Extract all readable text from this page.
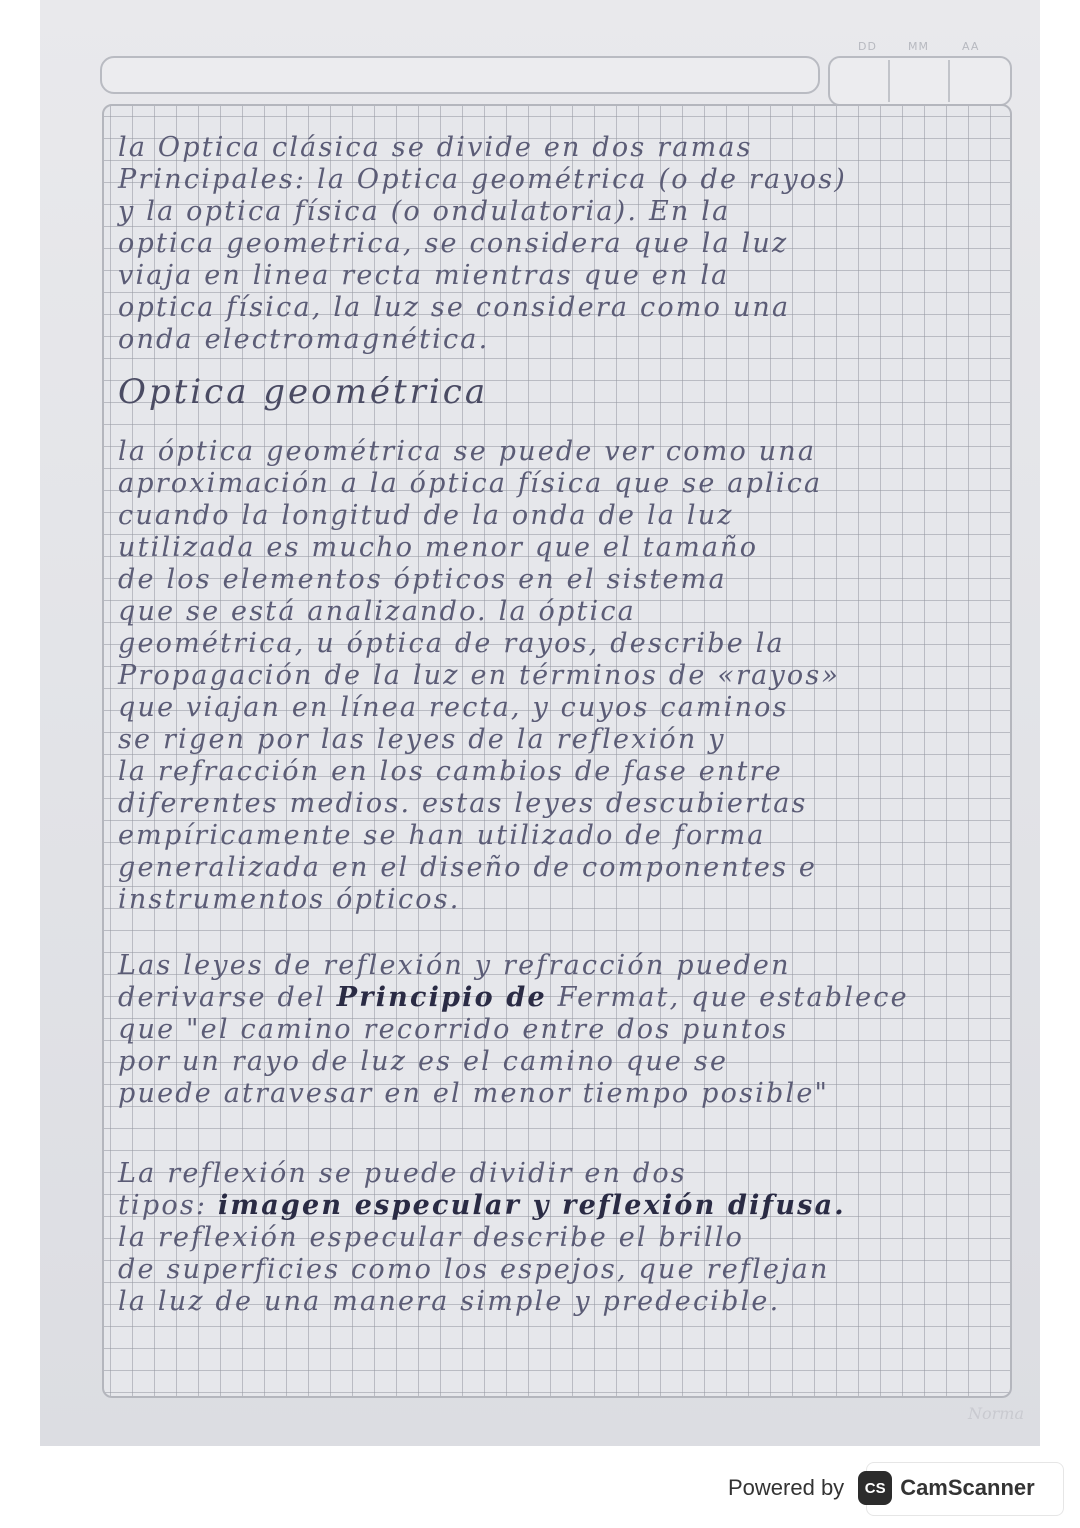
DD	MM	AA
la Optica clásica se divide en dos ramas
Principales: la Optica geométrica (o de rayos)
y la optica física (o ondulatoria). En la
optica geometrica, se considera que la luz
viaja en linea recta mientras que en la
optica física, la luz se considera como una
onda electromagnética.
Optica geométrica
la óptica geométrica se puede ver como una
aproximación a la óptica física que se aplica
cuando la longitud de la onda de la luz
utilizada es mucho menor que el tamaño
de los elementos ópticos en el sistema
que se está analizando. la óptica
geométrica, u óptica de rayos, describe la
Propagación de la luz en términos de «rayos»
que viajan en línea recta, y cuyos caminos
se rigen por las leyes de la reflexión y
la refracción en los cambios de fase entre
diferentes medios. estas leyes descubiertas
empíricamente se han utilizado de forma
generalizada en el diseño de componentes e
instrumentos ópticos.
Las leyes de reflexión y refracción pueden
derivarse del Principio de Fermat, que establece
que "el camino recorrido entre dos puntos
por un rayo de luz es el camino que se
puede atravesar en el menor tiempo posible"
La reflexión se puede dividir en dos
tipos: imagen especular y reflexión difusa.
la reflexión especular describe el brillo
de superficies como los espejos, que reflejan
la luz de una manera simple y predecible.
Norma
Powered by	CS CamScanner
